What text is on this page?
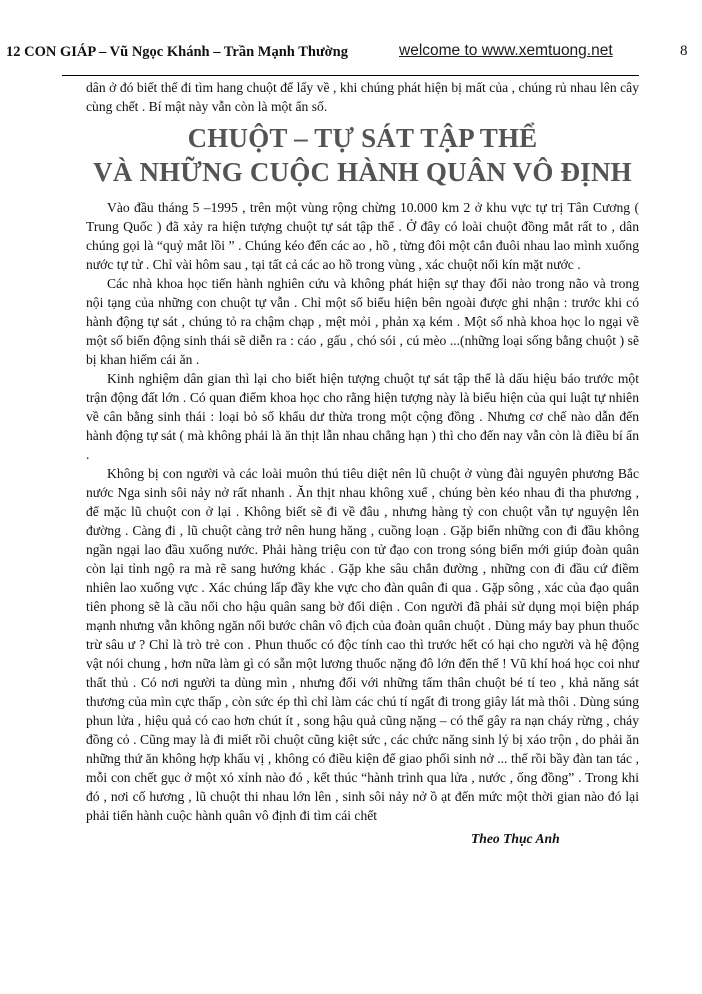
12 CON GIÁP – Vũ Ngọc Khánh – Trần Mạnh Thường	welcome to www.xemtuong.net	8

dân ở đó biết thế đi tìm hang chuột để lấy về , khi chúng phát hiện bị mất của , chúng rủ nhau lên cây cùng chết . Bí mật này vẫn còn là một ẩn số.

CHUỘT – TỰ SÁT TẬP THỂ
VÀ NHỮNG CUỘC HÀNH QUÂN VÔ ĐỊNH

Vào đầu tháng 5 –1995 , trên một vùng rộng chừng 10.000 km 2 ở khu vực tự trị Tân Cương ( Trung Quốc ) đã xảy ra hiện tượng chuột tự sát tập thể . Ở đây có loài chuột đồng mắt rất to , dân chúng gọi là “quỷ mắt lồi ” . Chúng kéo đến các ao , hồ , từng đôi một cắn đuôi nhau lao mình xuống nước tự tử . Chỉ vài hôm sau , tại tất cả các ao hồ trong vùng , xác chuột nổi kín mặt nước .

Các nhà khoa học tiến hành nghiên cứu và không phát hiện sự thay đổi nào trong não và trong nội tạng của những con chuột tự vẫn . Chỉ một số biểu hiện bên ngoài được ghi nhận : trước khi có hành động tự sát , chúng tỏ ra chậm chạp , mệt mỏi , phản xạ kém . Một số nhà khoa học lo ngại về một số biến động sinh thái sẽ diễn ra : cáo , gấu , chó sói , cú mèo ...(những loại sống bằng chuột ) sẽ bị khan hiếm cái ăn .

Kinh nghiệm dân gian thì lại cho biết hiện tượng chuột tự sát tập thể là dấu hiệu báo trước một trận động đất lớn . Có quan điểm khoa học cho rằng hiện tượng này là biểu hiện của qui luật tự nhiên về cân bằng sinh thái : loại bỏ số khẩu dư thừa trong một cộng đồng . Nhưng cơ chế nào dẫn đến hành động tự sát ( mà không phải là ăn thịt lẫn nhau chẳng hạn ) thì cho đến nay vẫn còn là điều bí ẩn .

Không bị con người và các loài muôn thú tiêu diệt nên lũ chuột ở vùng đài nguyên phương Bắc nước Nga sinh sôi nảy nở rất nhanh . Ăn thịt nhau không xuể , chúng bèn kéo nhau đi tha phương , để mặc lũ chuột con ở lại . Không biết sẽ đi về đâu , nhưng hàng tỷ con chuột vẫn tự nguyện lên đường . Càng đi , lũ chuột càng trở nên hung hăng , cuồng loạn . Gặp biển những con đi đầu không ngần ngại lao đầu xuống nước. Phải hàng triệu con tử đạo con trong sóng biển mới giúp đoàn quân còn lại tỉnh ngộ ra mà rẽ sang hướng khác . Gặp khe sâu chắn đường , những con đi đầu cứ điềm nhiên lao xuống vực . Xác chúng lấp đầy khe vực cho đàn quân đi qua . Gặp sông , xác của đạo quân tiên phong sẽ là cầu nối cho hậu quân sang bờ đối diện . Con người đã phải sử dụng mọi biện pháp mạnh nhưng vẫn không ngăn nổi bước chân vô địch của đoàn quân chuột . Dùng máy bay phun thuốc trừ sâu ư ? Chỉ là trò trẻ con . Phun thuốc có độc tính cao thì trước hết có hại cho người và hệ động vật nói chung , hơn nữa làm gì có sẵn một lương thuốc nặng đô lớn đến thế ! Vũ khí hoá học coi như thất thủ . Có nơi người ta dùng mìn , nhưng đối với những tấm thân chuột bé tí teo , khả năng sát thương của mìn cực thấp , còn sức ép thì chỉ làm các chú tí ngất đi trong giây lát mà thôi . Dùng súng phun lửa , hiệu quả có cao hơn chút ít , song hậu quả cũng nặng – có thể gây ra nạn cháy rừng , cháy đồng cỏ . Cũng may là đi miết rồi chuột cũng kiệt sức , các chức năng sinh lý bị xáo trộn , do phải ăn những thứ ăn không hợp khẩu vị , không có điều kiện để giao phối sinh nở ... thế rồi bầy đàn tan tác , mỗi con chết gục ở một xó xỉnh nào đó , kết thúc “hành trình qua lửa , nước , ống đồng” . Trong khi đó , nơi cố hương , lũ chuột thi nhau lớn lên , sinh sôi nảy nở ồ ạt đến mức một thời gian nào đó lại phải tiến hành cuộc hành quân vô định đi tìm cái chết

Theo Thục Anh
